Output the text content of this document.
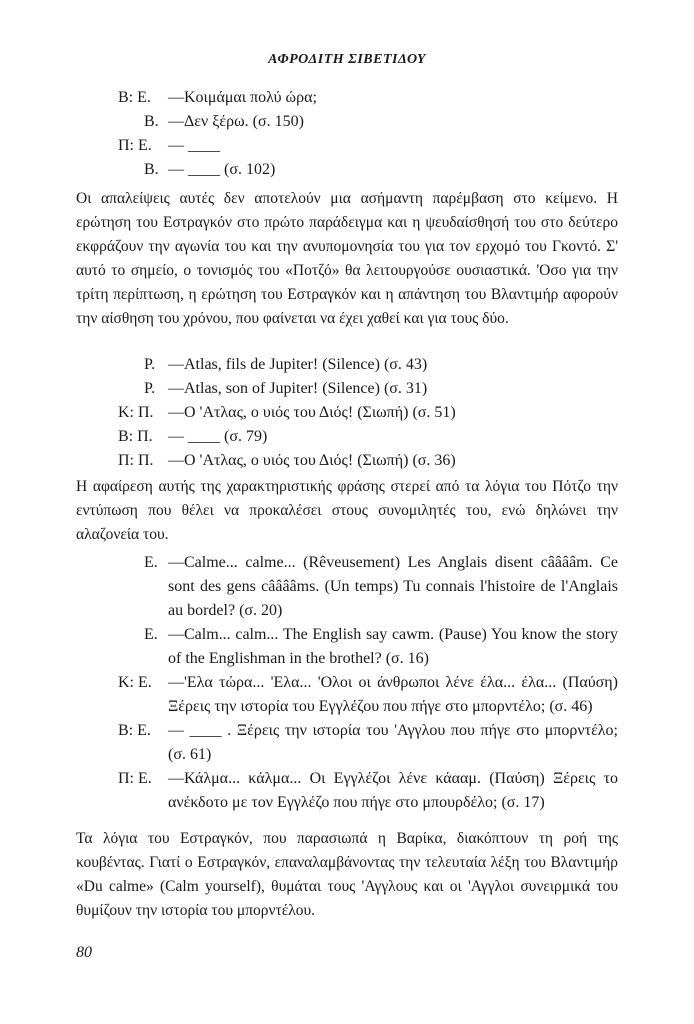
ΑΦΡΟΔΙΤΗ ΣΙΒΕΤΙΔΟΥ
Β: Ε. —Κοιμάμαι πολύ ώρα;
Β. —Δεν ξέρω. (σ. 150)
Π: Ε. — ____
Β. — ____ (σ. 102)
Οι απαλείψεις αυτές δεν αποτελούν μια ασήμαντη παρέμβαση στο κείμενο. Η ερώτηση του Εστραγκόν στο πρώτο παράδειγμα και η ψευδαίσθησή του στο δεύτερο εκφράζουν την αγωνία του και την ανυπομονησία του για τον ερχομό του Γκοντό. Σ' αυτό το σημείο, ο τονισμός του «Ποτζό» θα λειτουργούσε ουσιαστικά. 'Οσο για την τρίτη περίπτωση, η ερώτηση του Εστραγκόν και η απάντηση του Βλαντιμήρ αφορούν την αίσθηση του χρόνου, που φαίνεται να έχει χαθεί και για τους δύο.
Ρ. —Atlas, fils de Jupiter! (Silence) (σ. 43)
Ρ. —Atlas, son of Jupiter! (Silence) (σ. 31)
Κ: Π. —Ο 'Ατλας, ο υιός του Διός! (Σιωπή) (σ. 51)
Β: Π. — ____ (σ. 79)
Π: Π. —Ο 'Ατλας, ο υιός του Διός! (Σιωπή) (σ. 36)
Η αφαίρεση αυτής της χαρακτηριστικής φράσης στερεί από τα λόγια του Πότζο την εντύπωση που θέλει να προκαλέσει στους συνομιλητές του, ενώ δηλώνει την αλαζονεία του.
Ε. —Calme... calme... (Rêveusement) Les Anglais disent cââââm. Ce sont des gens cââââms. (Un temps) Tu connais l'histoire de l'Anglais au bordel? (σ. 20)
Ε. —Calm... calm... The English say cawm. (Pause) You know the story of the Englishman in the brothel? (σ. 16)
Κ: Ε. —'Ελα τώρα... 'Ελα... 'Ολοι οι άνθρωποι λένε έλα... έλα... (Παύση) Ξέρεις την ιστορία του Εγγλέζου που πήγε στο μπορντέλο; (σ. 46)
Β: Ε. — ____ . Ξέρεις την ιστορία του 'Αγγλου που πήγε στο μπορντέλο; (σ. 61)
Π: Ε. —Κάλμα... κάλμα... Οι Εγγλέζοι λένε κάααμ. (Παύση) Ξέρεις το ανέκδοτο με τον Εγγλέζο που πήγε στο μπουρδέλο; (σ. 17)
Τα λόγια του Εστραγκόν, που παρασιωπά η Βαρίκα, διακόπτουν τη ροή της κουβέντας. Γιατί ο Εστραγκόν, επαναλαμβάνοντας την τελευταία λέξη του Βλαντιμήρ «Du calme» (Calm yourself), θυμάται τους 'Αγγλους και οι 'Αγγλοι συνειρμικά του θυμίζουν την ιστορία του μπορντέλου.
80
